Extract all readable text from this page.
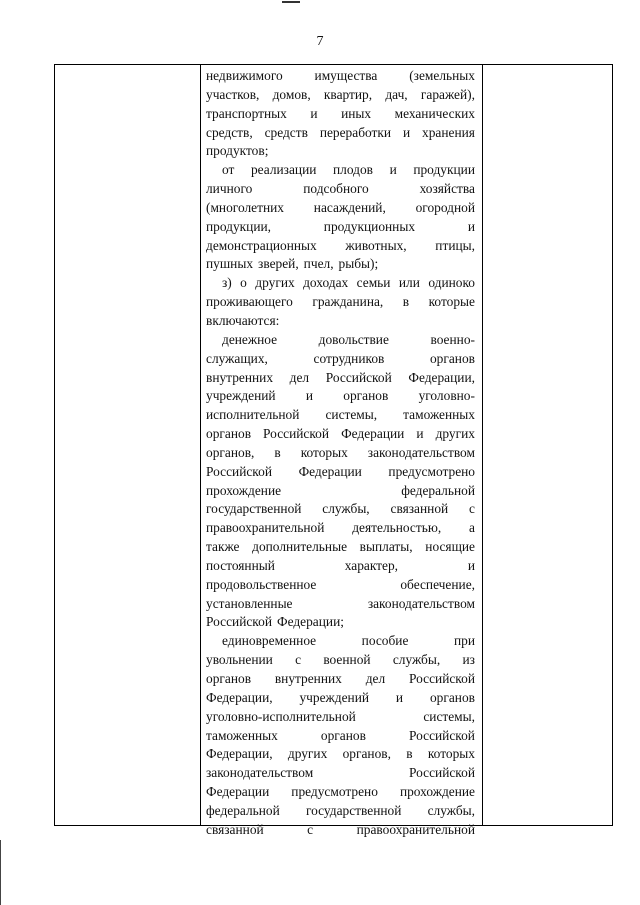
7
недвижимого имущества (земельных
участков, домов, квартир, дач, гаражей),
транспортных и иных механических
средств, средств переработки и хранения
продуктов;
от реализации плодов и продукции
личного	подсобного	хозяйства
(многолетних насаждений, огородной
продукции,	продукционных	и
демонстрационных животных, птицы,
пушных зверей, пчел, рыбы);
з) о других доходах семьи или одиноко
проживающего гражданина, в которые
включаются:
денежное	довольствие	военно-
служащих,	сотрудников	органов
внутренних дел Российской Федерации,
учреждений и органов уголовно-
исполнительной системы, таможенных
органов Российской Федерации и других
органов, в которых законодательством
Российской Федерации предусмотрено
прохождение	федеральной
государственной службы, связанной с
правоохранительной деятельностью, а
также дополнительные выплаты, носящие
постоянный	характер,	и
продовольственное	обеспечение,
установленные	законодательством
Российской Федерации;
единовременное	пособие	при
увольнении с военной службы, из
органов внутренних дел Российской
Федерации, учреждений и органов
уголовно-исполнительной	системы,
таможенных	органов	Российской
Федерации, других органов, в которых
законодательством	Российской
Федерации предусмотрено прохождение
федеральной государственной службы,
связанной	с	правоохранительной
